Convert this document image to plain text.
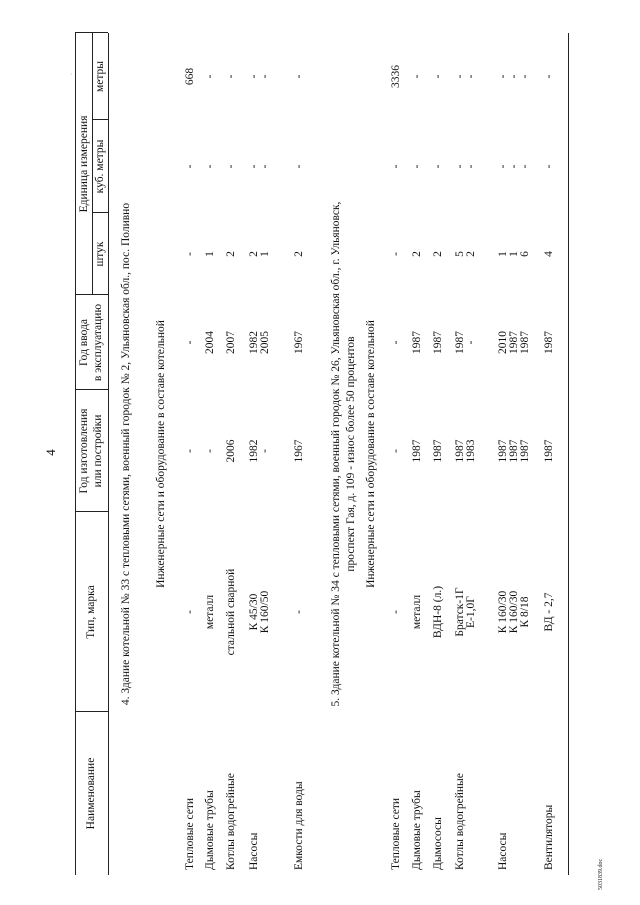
Наименование
Тип, марка
Год изготовления или постройки
Год ввода в эксплуатацию
Единица измерения
штук
куб. метры
метры
4
·
5031839.doc
4. Здание котельной № 33 с тепловыми сетями, военный городок № 2, Ульяновская обл., пос. Поливно Инженерные сети и оборудование в составе котельной
Тепловые сети
-
-
-
-
-
668
Дымовые трубы
металл
-
2004
1
-
-
Котлы водогрейные
стальной сварной
2006
2007
2
-
-
Насосы
К 45/30 К 160/50
1982 -
1982 2005
2 1
- -
- -
Емкости для воды
-
1967
1967
2
-
-
5. Здание котельной № 34 с тепловыми сетями, военный городок № 26, Ульяновская обл., г. Ульяновск, проспект Гая, д. 109 - износ более 50 процентов Инженерные сети и оборудование в составе котельной
Тепловые сети
-
-
-
-
-
3336
Дымовые трубы
металл
1987
1987
2
-
-
Дымососы
ВДН-8 (л.)
1987
1987
2
-
-
Котлы водогрейные
Братск-1Г Е-1,0Г
1987 1983
1987 -
5 2
- -
- -
Насосы
К 160/30 К 160/30 К 8/18
1987 1987 1987
2010 1987 1987
1 1 6
- - -
- - -
Вентиляторы
ВД - 2,7
1987
1987
4
-
-
